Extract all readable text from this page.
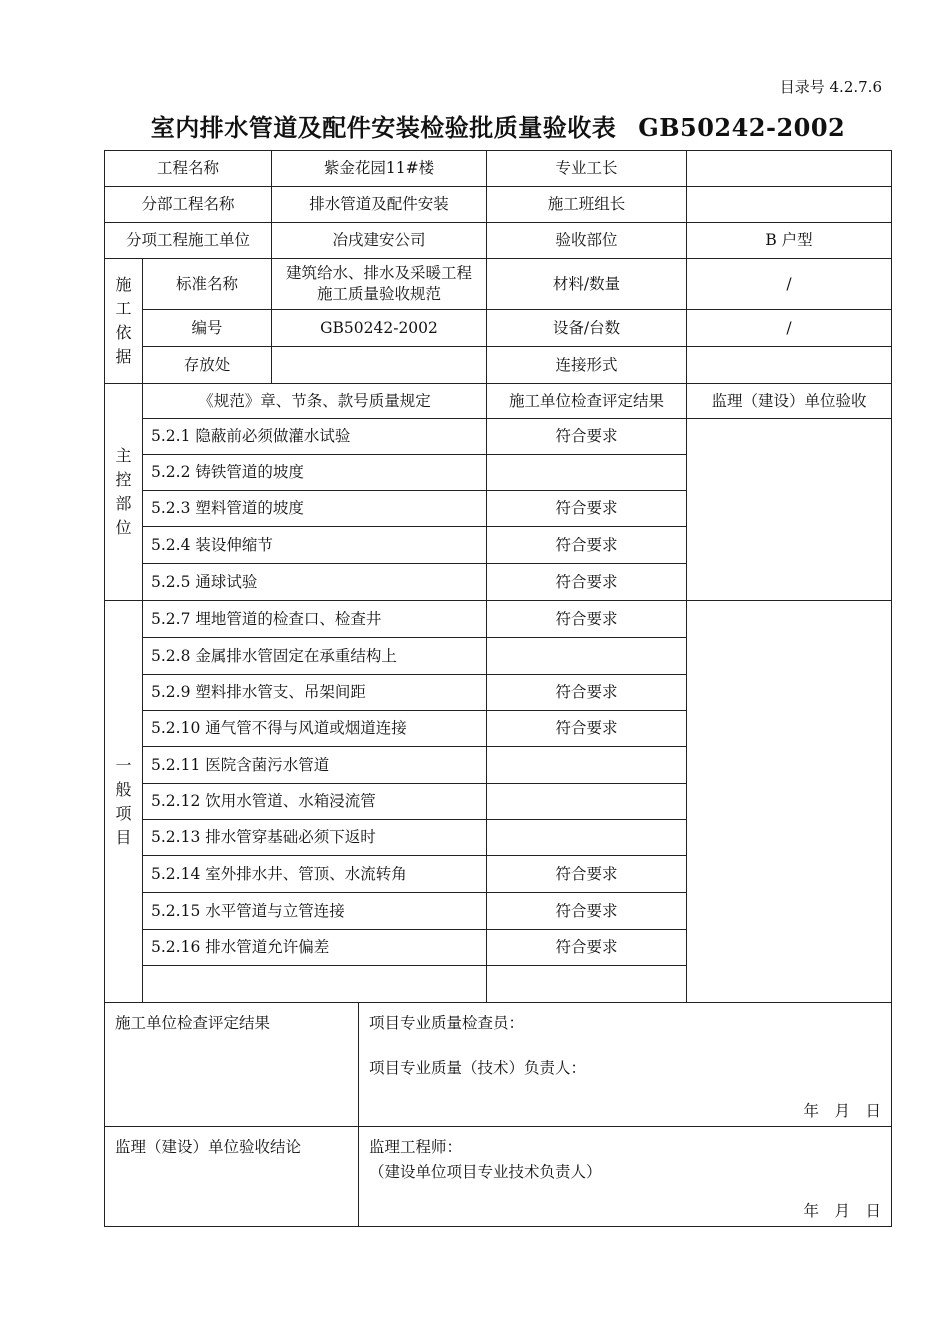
目录号 4.2.7.6
室内排水管道及配件安装检验批质量验收表 GB50242-2002
工程名称		紫金花园11#楼		专业工长	
分部工程名称		排水管道及配件安装		施工班组长	
分项工程施工单位		冶戌建安公司		验收部位	B 户型
施工依据	标准名称	建筑给水、排水及采暖工程施工质量验收规范		材料/数量	/
	编号	GB50242-2002		设备/台数	/
	存放处			连接形式	
主控部位	《规范》章、节条、款号质量规定			施工单位检查评定结果	监理（建设）单位验收
	5.2.1 隐蔽前必须做灌水试验			符合要求	
	5.2.2 铸铁管道的坡度				
	5.2.3 塑料管道的坡度			符合要求	
	5.2.4 装设伸缩节			符合要求	
	5.2.5 通球试验			符合要求	
一般项目	5.2.7 埋地管道的检查口、检查井			符合要求	
	5.2.8 金属排水管固定在承重结构上				
	5.2.9 塑料排水管支、吊架间距			符合要求	
	5.2.10 通气管不得与风道或烟道连接			符合要求	
	5.2.11 医院含菌污水管道				
	5.2.12 饮用水管道、水箱浸流管				
	5.2.13 排水管穿基础必须下返时				
	5.2.14 室外排水井、管顶、水流转角			符合要求	
	5.2.15 水平管道与立管连接			符合要求	
	5.2.16 排水管道允许偏差			符合要求	

施工单位检查评定结果			项目专业质量检查员：
项目专业质量（技术）负责人：
年　月　日		

监理（建设）单位验收结论			监理工程师：
（建设单位项目专业技术负责人）
年　月　日		
